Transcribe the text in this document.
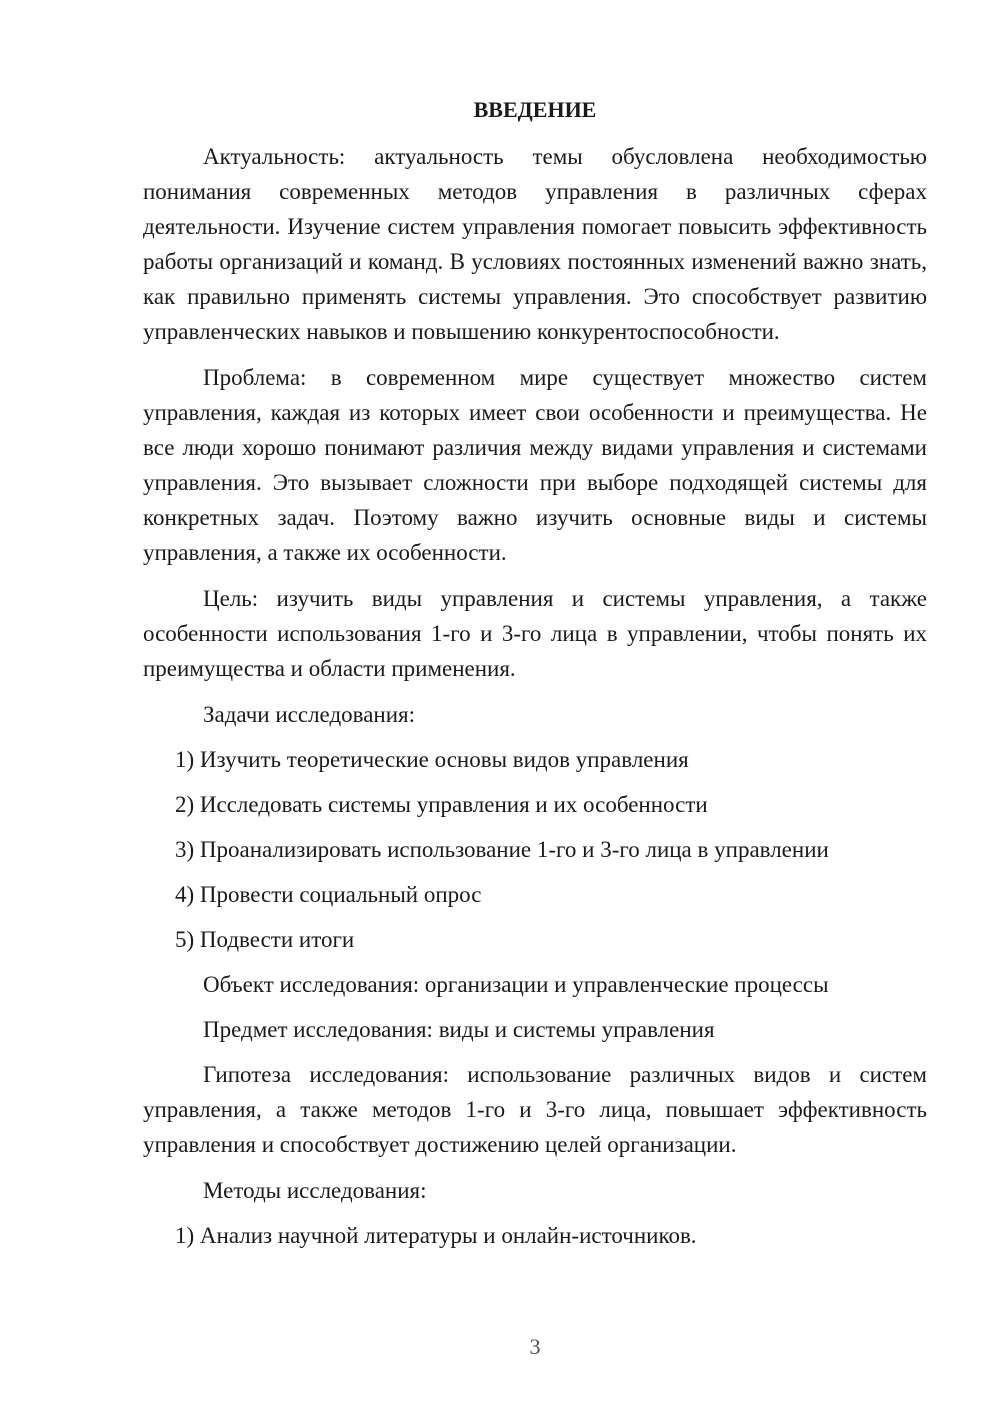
ВВЕДЕНИЕ

Актуальность: актуальность темы обусловлена необходимостью понимания современных методов управления в различных сферах деятельности. Изучение систем управления помогает повысить эффективность работы организаций и команд. В условиях постоянных изменений важно знать, как правильно применять системы управления. Это способствует развитию управленческих навыков и повышению конкурентоспособности.

Проблема: в современном мире существует множество систем управления, каждая из которых имеет свои особенности и преимущества. Не все люди хорошо понимают различия между видами управления и системами управления. Это вызывает сложности при выборе подходящей системы для конкретных задач. Поэтому важно изучить основные виды и системы управления, а также их особенности.

Цель: изучить виды управления и системы управления, а также особенности использования 1-го и 3-го лица в управлении, чтобы понять их преимущества и области применения.

Задачи исследования:

1) Изучить теоретические основы видов управления
2) Исследовать системы управления и их особенности
3) Проанализировать использование 1-го и 3-го лица в управлении
4) Провести социальный опрос
5) Подвести итоги

Объект исследования: организации и управленческие процессы

Предмет исследования: виды и системы управления

Гипотеза исследования: использование различных видов и систем управления, а также методов 1-го и 3-го лица, повышает эффективность управления и способствует достижению целей организации.

Методы исследования:

1) Анализ научной литературы и онлайн-источников.
3
